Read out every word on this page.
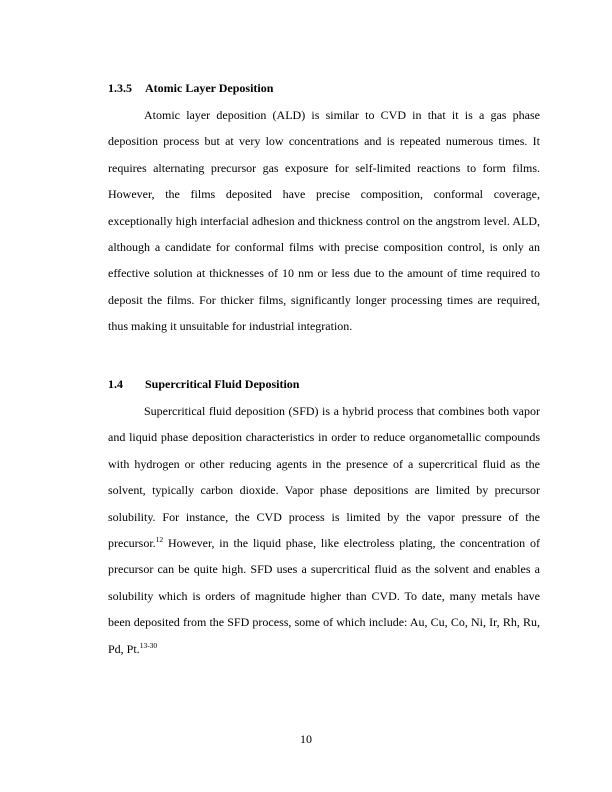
1.3.5 Atomic Layer Deposition
Atomic layer deposition (ALD) is similar to CVD in that it is a gas phase deposition process but at very low concentrations and is repeated numerous times. It requires alternating precursor gas exposure for self-limited reactions to form films. However, the films deposited have precise composition, conformal coverage, exceptionally high interfacial adhesion and thickness control on the angstrom level. ALD, although a candidate for conformal films with precise composition control, is only an effective solution at thicknesses of 10 nm or less due to the amount of time required to deposit the films. For thicker films, significantly longer processing times are required, thus making it unsuitable for industrial integration.
1.4 Supercritical Fluid Deposition
Supercritical fluid deposition (SFD) is a hybrid process that combines both vapor and liquid phase deposition characteristics in order to reduce organometallic compounds with hydrogen or other reducing agents in the presence of a supercritical fluid as the solvent, typically carbon dioxide. Vapor phase depositions are limited by precursor solubility. For instance, the CVD process is limited by the vapor pressure of the precursor.$^{12}$ However, in the liquid phase, like electroless plating, the concentration of precursor can be quite high. SFD uses a supercritical fluid as the solvent and enables a solubility which is orders of magnitude higher than CVD. To date, many metals have been deposited from the SFD process, some of which include: Au, Cu, Co, Ni, Ir, Rh, Ru, Pd, Pt.$^{13-30}$
10
